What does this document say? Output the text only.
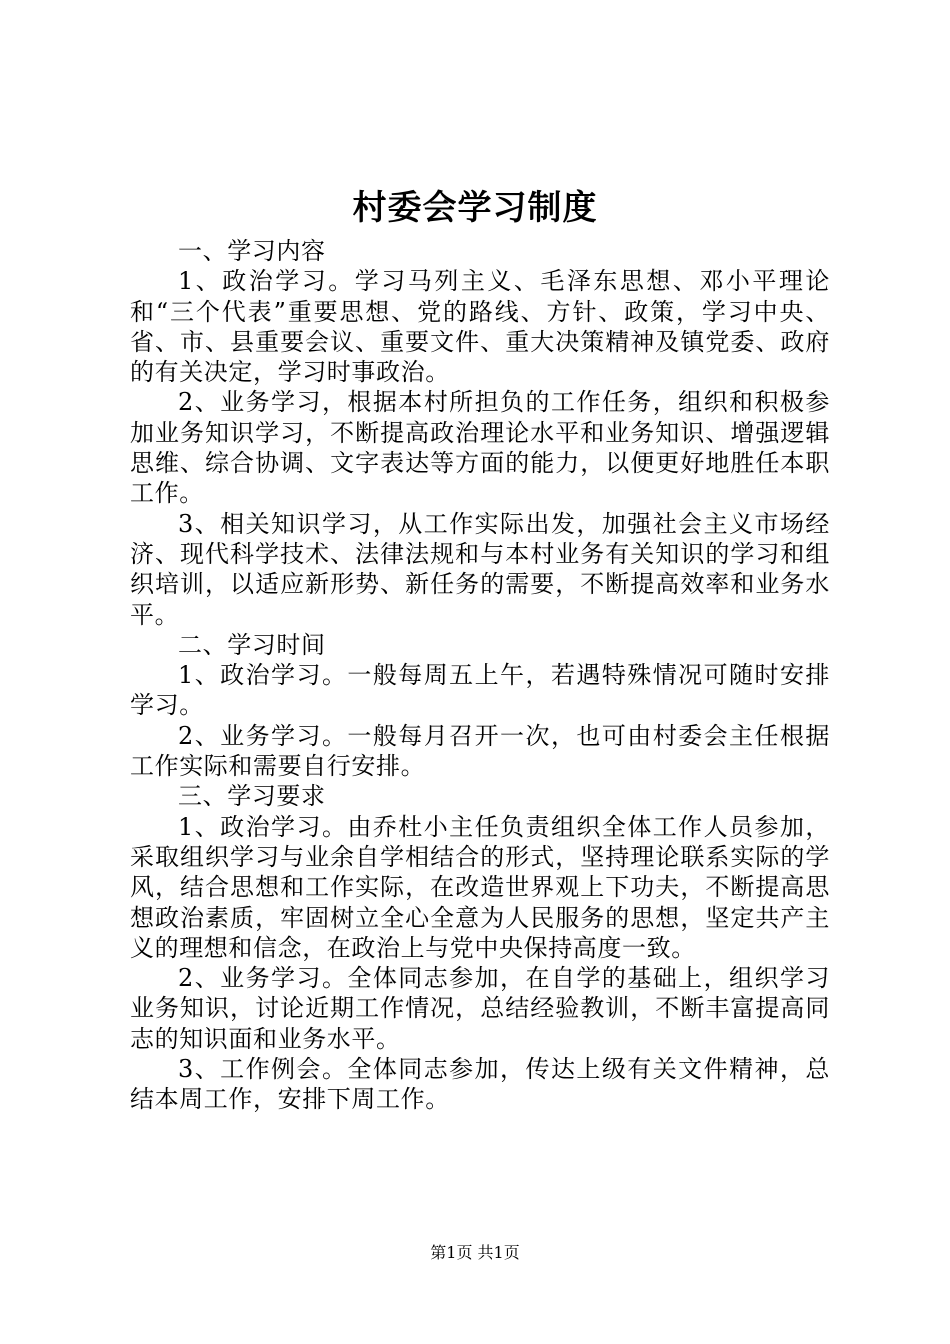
村委会学习制度

一、学习内容

1、政治学习。学习马列主义、毛泽东思想、邓小平理论和“三个代表”重要思想、党的路线、方针、政策，学习中央、省、市、县重要会议、重要文件、重大决策精神及镇党委、政府的有关决定，学习时事政治。

2、业务学习，根据本村所担负的工作任务，组织和积极参加业务知识学习，不断提高政治理论水平和业务知识、增强逻辑思维、综合协调、文字表达等方面的能力，以便更好地胜任本职工作。

3、相关知识学习，从工作实际出发，加强社会主义市场经济、现代科学技术、法律法规和与本村业务有关知识的学习和组织培训，以适应新形势、新任务的需要，不断提高效率和业务水平。

二、学习时间

1、政治学习。一般每周五上午，若遇特殊情况可随时安排学习。

2、业务学习。一般每月召开一次，也可由村委会主任根据工作实际和需要自行安排。

三、学习要求

1、政治学习。由乔杜小主任负责组织全体工作人员参加，采取组织学习与业余自学相结合的形式，坚持理论联系实际的学风，结合思想和工作实际，在改造世界观上下功夫，不断提高思想政治素质，牢固树立全心全意为人民服务的思想，坚定共产主义的理想和信念，在政治上与党中央保持高度一致。

2、业务学习。全体同志参加，在自学的基础上，组织学习业务知识，讨论近期工作情况，总结经验教训，不断丰富提高同志的知识面和业务水平。

3、工作例会。全体同志参加，传达上级有关文件精神，总结本周工作，安排下周工作。

第1页 共1页
